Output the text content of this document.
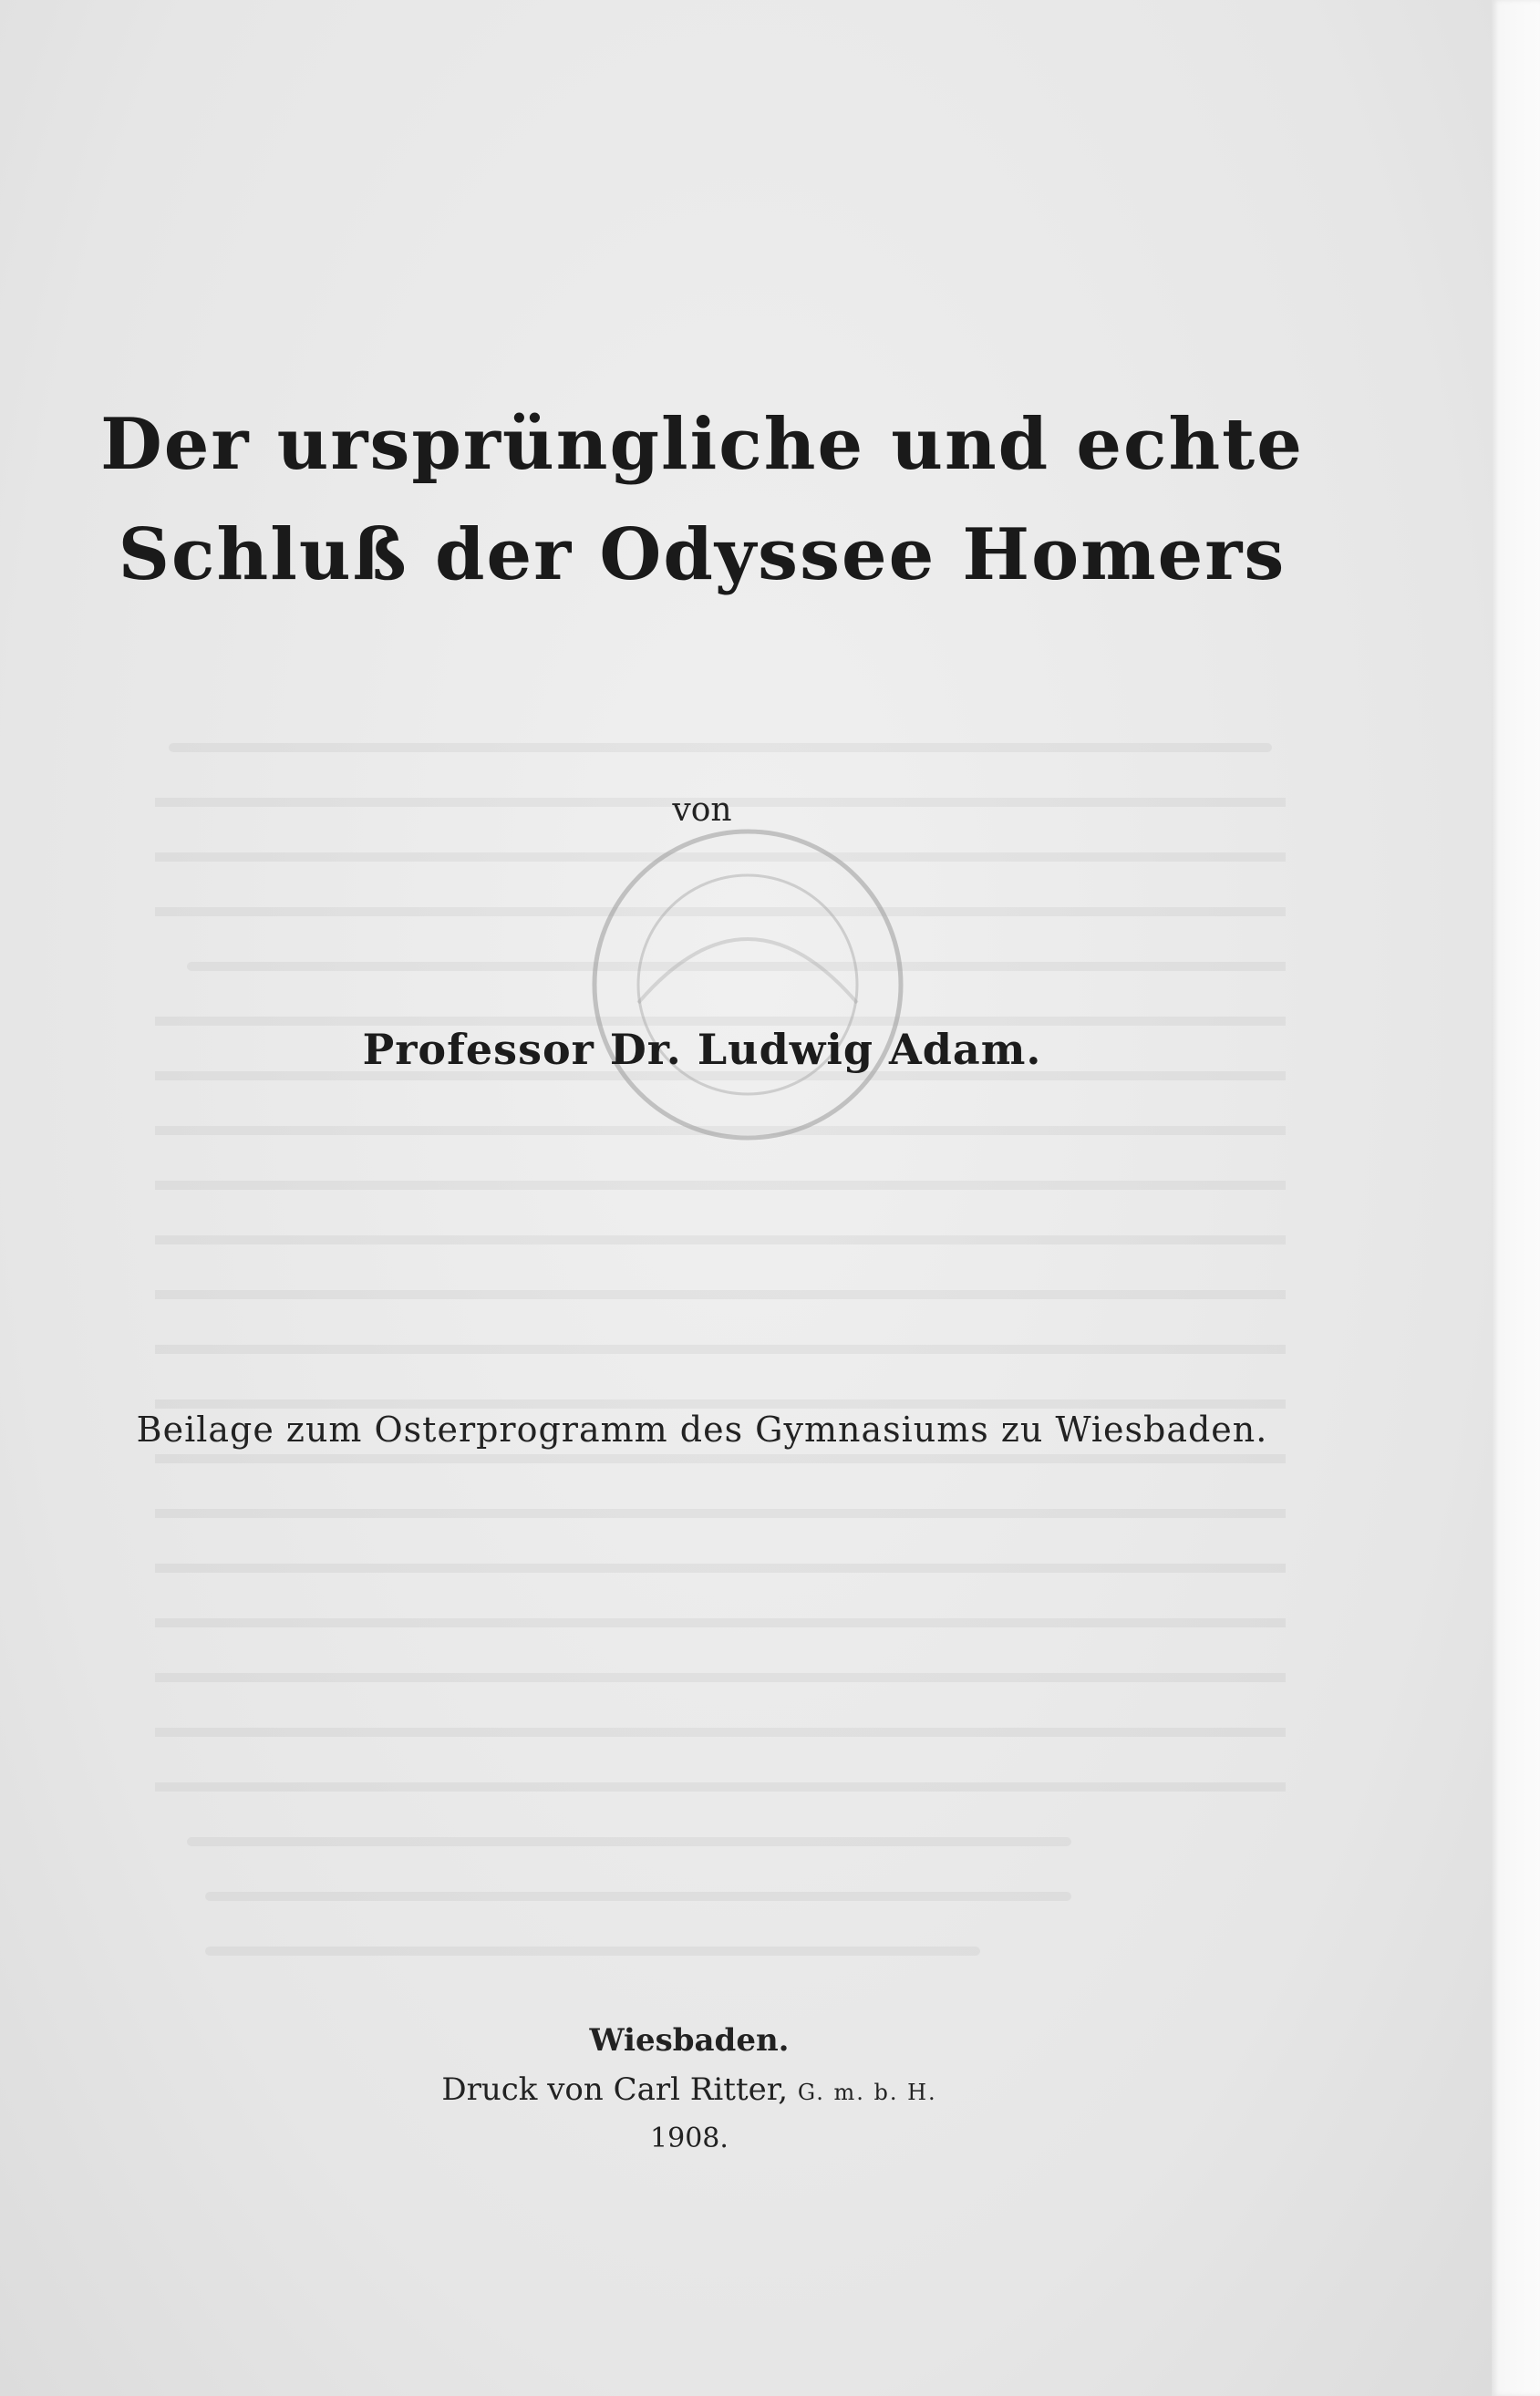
Der ursprüngliche und echte
Schluß der Odyssee Homers
von
Professor Dr. Ludwig Adam.
Beilage zum Osterprogramm des Gymnasiums zu Wiesbaden.
Wiesbaden.
Druck von Carl Ritter, G. m. b. H.
1908.
